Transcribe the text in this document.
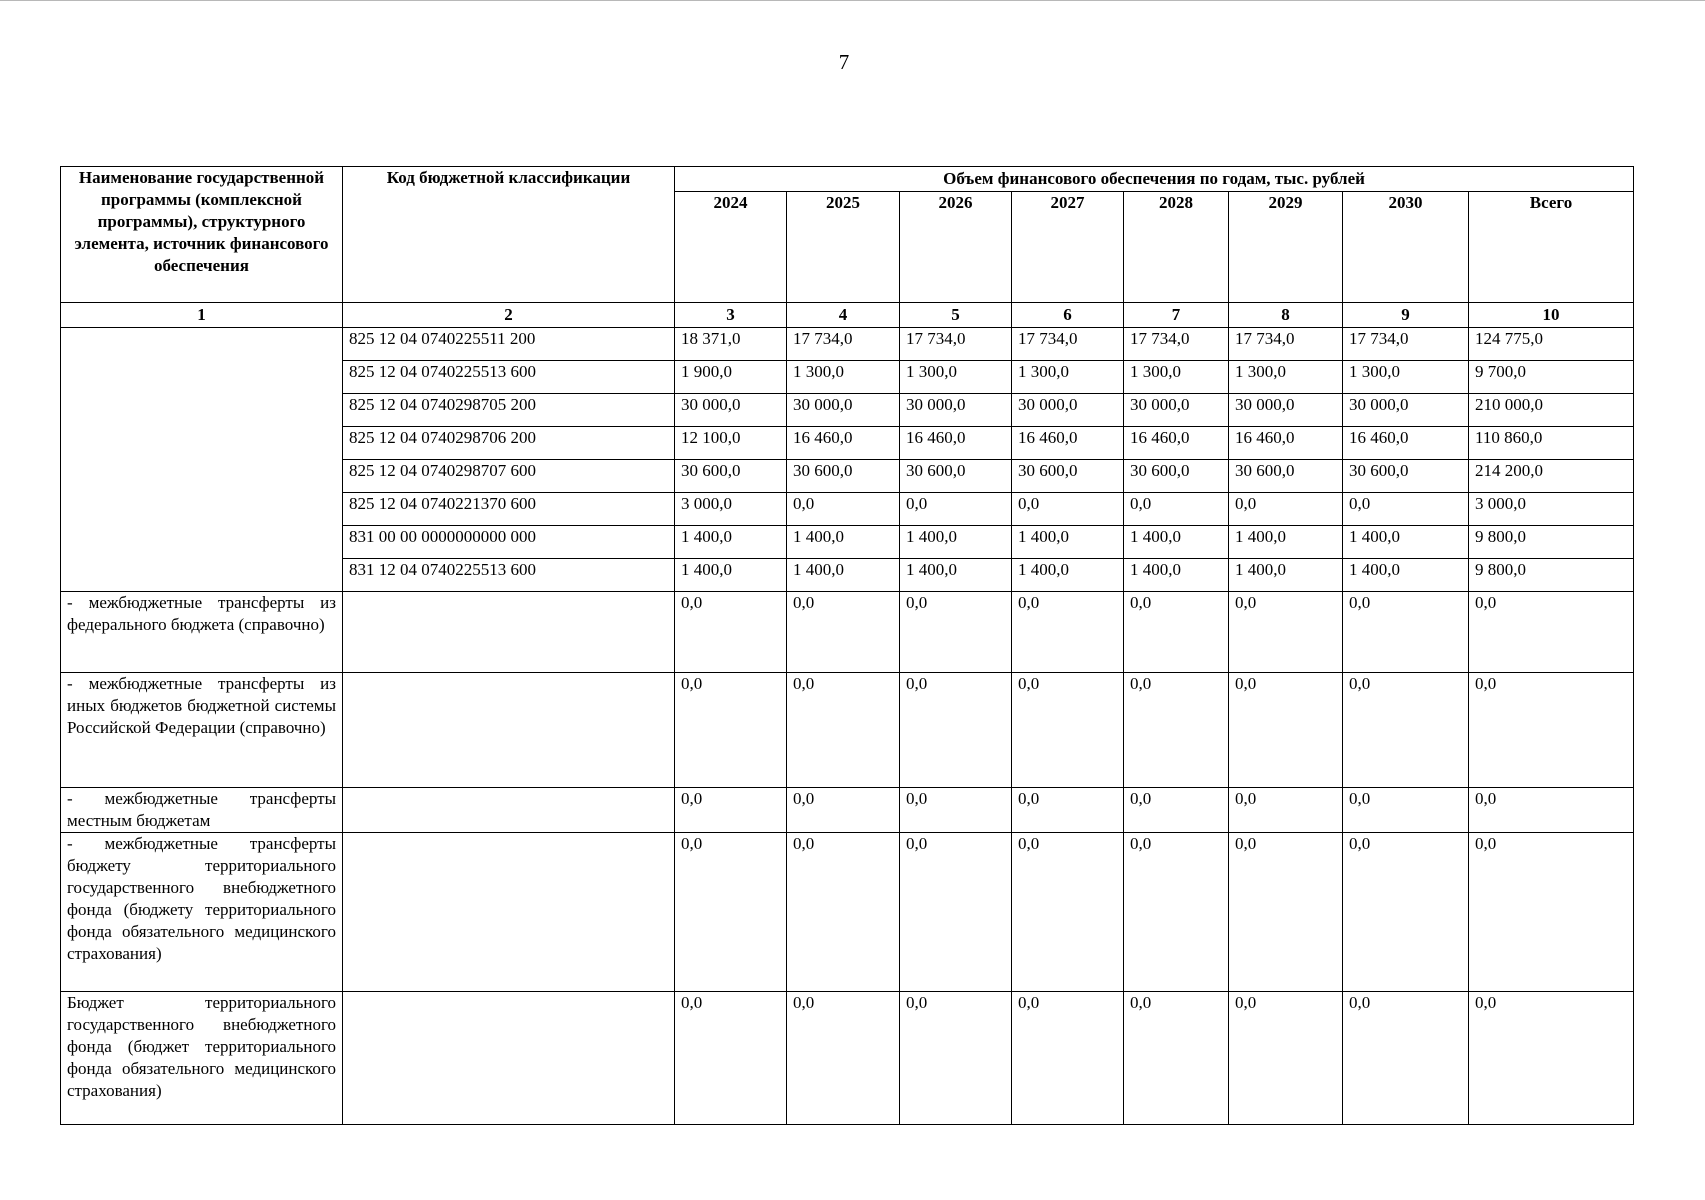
7
Наименование государственной программы (комплексной программы), структурного элемента, источник финансового обеспечения	Код бюджетной классификации	Объем финансового обеспечения по годам, тыс. рублей							
		2024	2025	2026	2027	2028	2029	2030	Всего
1	2	3	4	5	6	7	8	9	10
	825 12 04 0740225511 200	18 371,0	17 734,0	17 734,0	17 734,0	17 734,0	17 734,0	17 734,0	124 775,0
	825 12 04 0740225513 600	1 900,0	1 300,0	1 300,0	1 300,0	1 300,0	1 300,0	1 300,0	9 700,0
	825 12 04 0740298705 200	30 000,0	30 000,0	30 000,0	30 000,0	30 000,0	30 000,0	30 000,0	210 000,0
	825 12 04 0740298706 200	12 100,0	16 460,0	16 460,0	16 460,0	16 460,0	16 460,0	16 460,0	110 860,0
	825 12 04 0740298707 600	30 600,0	30 600,0	30 600,0	30 600,0	30 600,0	30 600,0	30 600,0	214 200,0
	825 12 04 0740221370 600	3 000,0	0,0	0,0	0,0	0,0	0,0	0,0	3 000,0
	831 00 00 0000000000 000	1 400,0	1 400,0	1 400,0	1 400,0	1 400,0	1 400,0	1 400,0	9 800,0
	831 12 04 0740225513 600	1 400,0	1 400,0	1 400,0	1 400,0	1 400,0	1 400,0	1 400,0	9 800,0
- межбюджетные трансферты из федерального бюджета (справочно)		0,0	0,0	0,0	0,0	0,0	0,0	0,0	0,0
- межбюджетные трансферты из иных бюджетов бюджетной системы Российской Федерации (справочно)		0,0	0,0	0,0	0,0	0,0	0,0	0,0	0,0
- межбюджетные трансферты местным бюджетам		0,0	0,0	0,0	0,0	0,0	0,0	0,0	0,0
- межбюджетные трансферты бюджету территориального государственного внебюджетного фонда (бюджету территориального фонда обязательного медицинского страхования)		0,0	0,0	0,0	0,0	0,0	0,0	0,0	0,0
Бюджет территориального государственного внебюджетного фонда (бюджет территориального фонда обязательного медицинского страхования)		0,0	0,0	0,0	0,0	0,0	0,0	0,0	0,0
